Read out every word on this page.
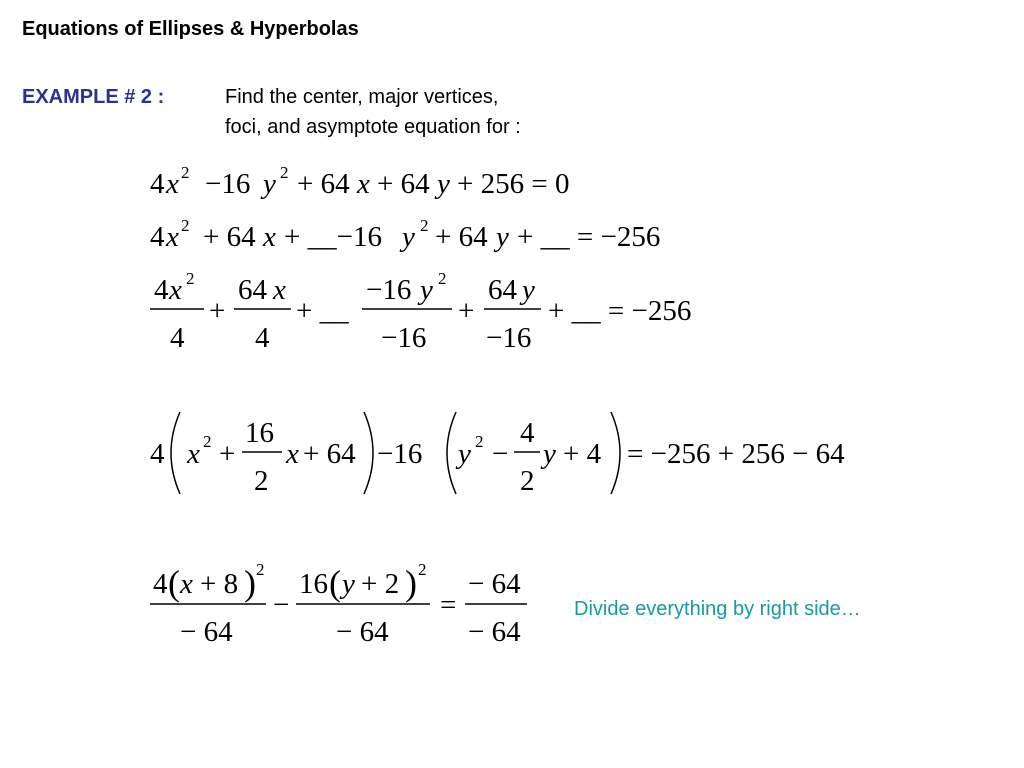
Equations of Ellipses & Hyperbolas
EXAMPLE # 2 :	Find the center, major vertices,
foci, and asymptote equation for :
4 x 2 −16 y 2 + 64 x + 64 y + 256 = 0
4 x 2 + 64 x + __−16 y 2 + 64 y + __ = −256
4 x 2
4
+
64 x
4
+ __
−16 y 2
−16
+
64 y
−16
+ __ = −256
4 x 2 +
16
2
x + 64 −16 y 2 −
4
2
y + 4 = −256 + 256 − 64
4 ( x + 8 ) 2
− 64
−
16 ( y + 2 ) 2
− 64
=
− 64
− 64
Divide everything by right side…
